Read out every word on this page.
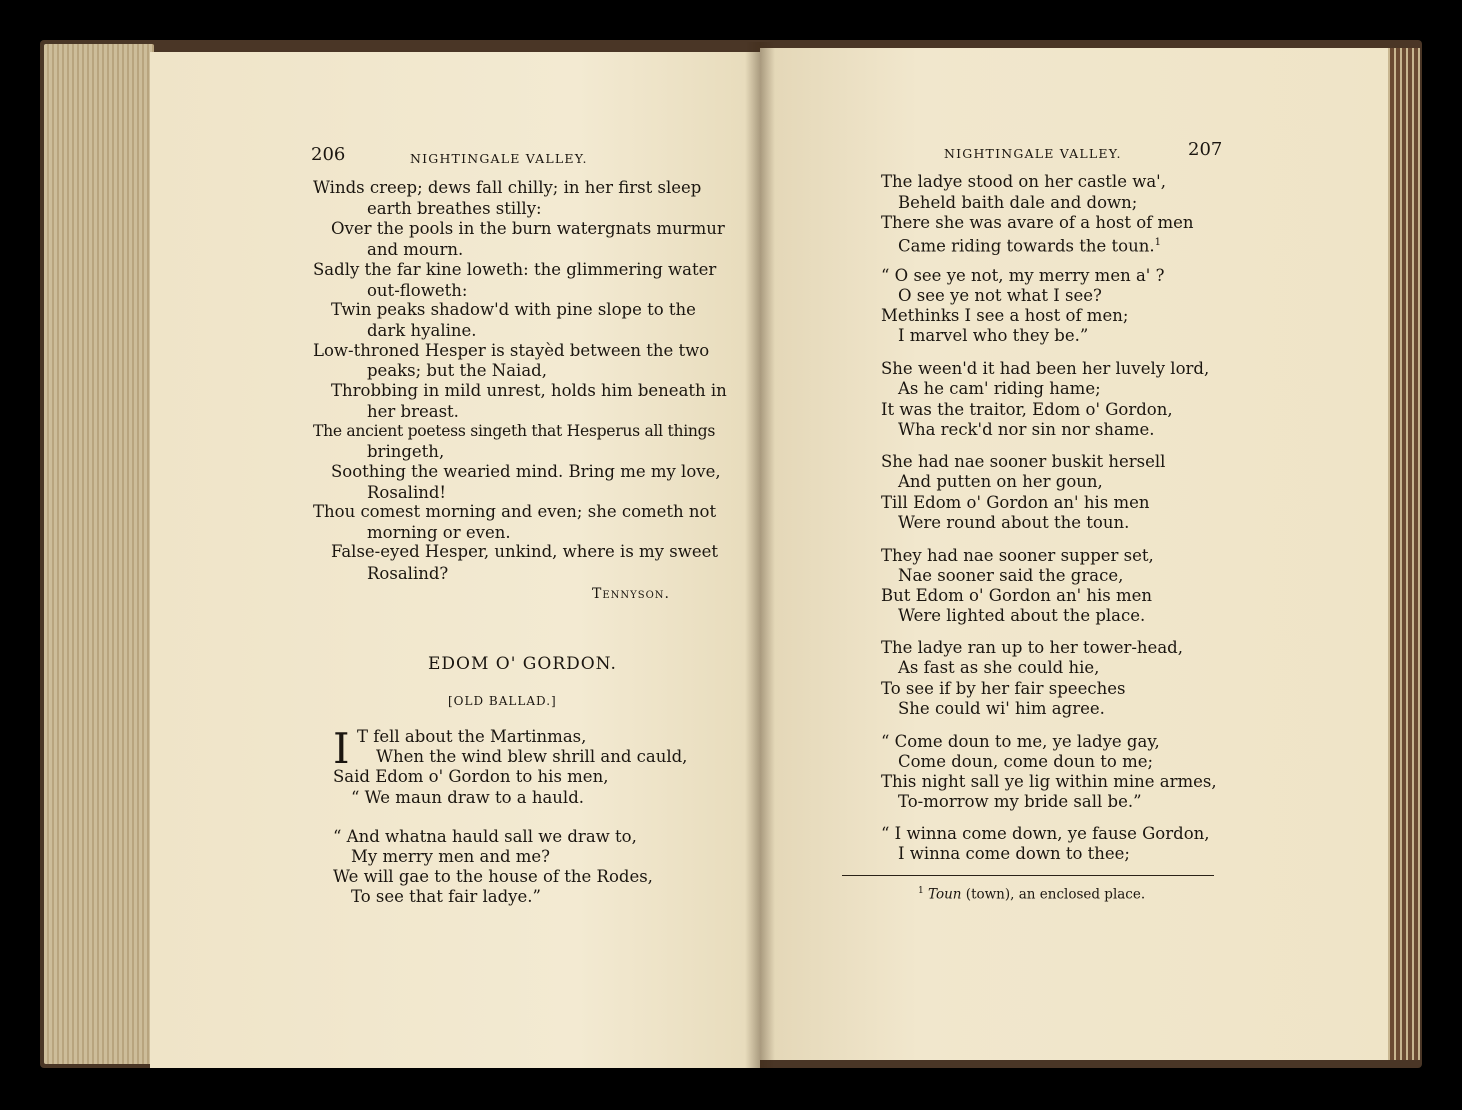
206	NIGHTINGALE VALLEY.
Winds creep; dews fall chilly; in her first sleep
earth breathes stilly:
Over the pools in the burn watergnats murmur
and mourn.
Sadly the far kine loweth: the glimmering water
out-floweth:
Twin peaks shadow'd with pine slope to the
dark hyaline.
Low-throned Hesper is stayèd between the two
peaks; but the Naiad,
Throbbing in mild unrest, holds him beneath in
her breast.
The ancient poetess singeth that Hesperus all things
bringeth,
Soothing the wearied mind. Bring me my love,
Rosalind!
Thou comest morning and even; she cometh not
morning or even.
False-eyed Hesper, unkind, where is my sweet
Rosalind?
Tennyson.
EDOM O' GORDON.
[OLD BALLAD.]
I T fell about the Martinmas,
When the wind blew shrill and cauld,
Said Edom o' Gordon to his men,
“ We maun draw to a hauld.
“ And whatna hauld sall we draw to,
My merry men and me?
We will gae to the house of the Rodes,
To see that fair ladye.”
NIGHTINGALE VALLEY.	207
The ladye stood on her castle wa',
Beheld baith dale and down;
There she was avare of a host of men
Came riding towards the toun.$^1$
“ O see ye not, my merry men a' ?
O see ye not what I see?
Methinks I see a host of men;
I marvel who they be.”
She ween'd it had been her luvely lord,
As he cam' riding hame;
It was the traitor, Edom o' Gordon,
Wha reck'd nor sin nor shame.
She had nae sooner buskit hersell
And putten on her goun,
Till Edom o' Gordon an' his men
Were round about the toun.
They had nae sooner supper set,
Nae sooner said the grace,
But Edom o' Gordon an' his men
Were lighted about the place.
The ladye ran up to her tower-head,
As fast as she could hie,
To see if by her fair speeches
She could wi' him agree.
“ Come doun to me, ye ladye gay,
Come doun, come doun to me;
This night sall ye lig within mine armes,
To-morrow my bride sall be.”
“ I winna come down, ye fause Gordon,
I winna come down to thee;
$^1$ Toun (town), an enclosed place.
